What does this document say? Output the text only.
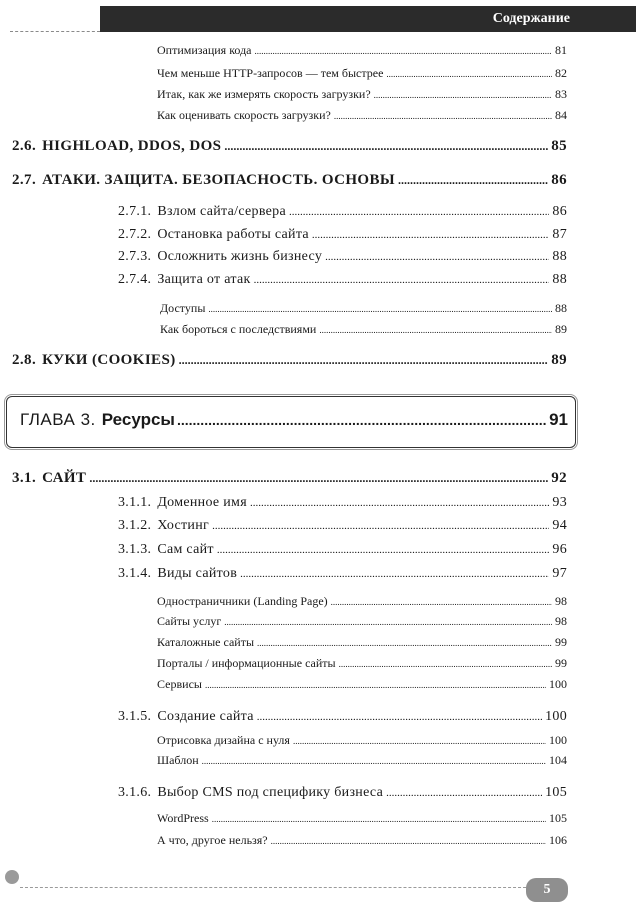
Содержание
Оптимизация кода .....	81
Чем меньше HTTP-запросов — тем быстрее .....	82
Итак, как же измерять скорость загрузки? .....	83
Как оценивать скорость загрузки? .....	84
2.6. HIGHLOAD, DDOS, DOS .....	85
2.7. АТАКИ. ЗАЩИТА. БЕЗОПАСНОСТЬ. ОСНОВЫ .....	86
2.7.1. Взлом сайта/сервера .....	86
2.7.2. Остановка работы сайта .....	87
2.7.3. Осложнить жизнь бизнесу .....	88
2.7.4. Защита от атак .....	88
Доступы .....	88
Как бороться с последствиями .....	89
2.8. КУКИ (COOKIES) .....	89
ГЛАВА 3. Ресурсы .....	91
3.1. САЙТ .....	92
3.1.1. Доменное имя .....	93
3.1.2. Хостинг .....	94
3.1.3. Сам сайт .....	96
3.1.4. Виды сайтов .....	97
Одностраничники (Landing Page) .....	98
Сайты услуг .....	98
Каталожные сайты .....	99
Порталы / информационные сайты .....	99
Сервисы .....	100
3.1.5. Создание сайта .....	100
Отрисовка дизайна с нуля .....	100
Шаблон .....	104
3.1.6. Выбор CMS под специфику бизнеса .....	105
WordPress .....	105
А что, другое нельзя? .....	106
5
